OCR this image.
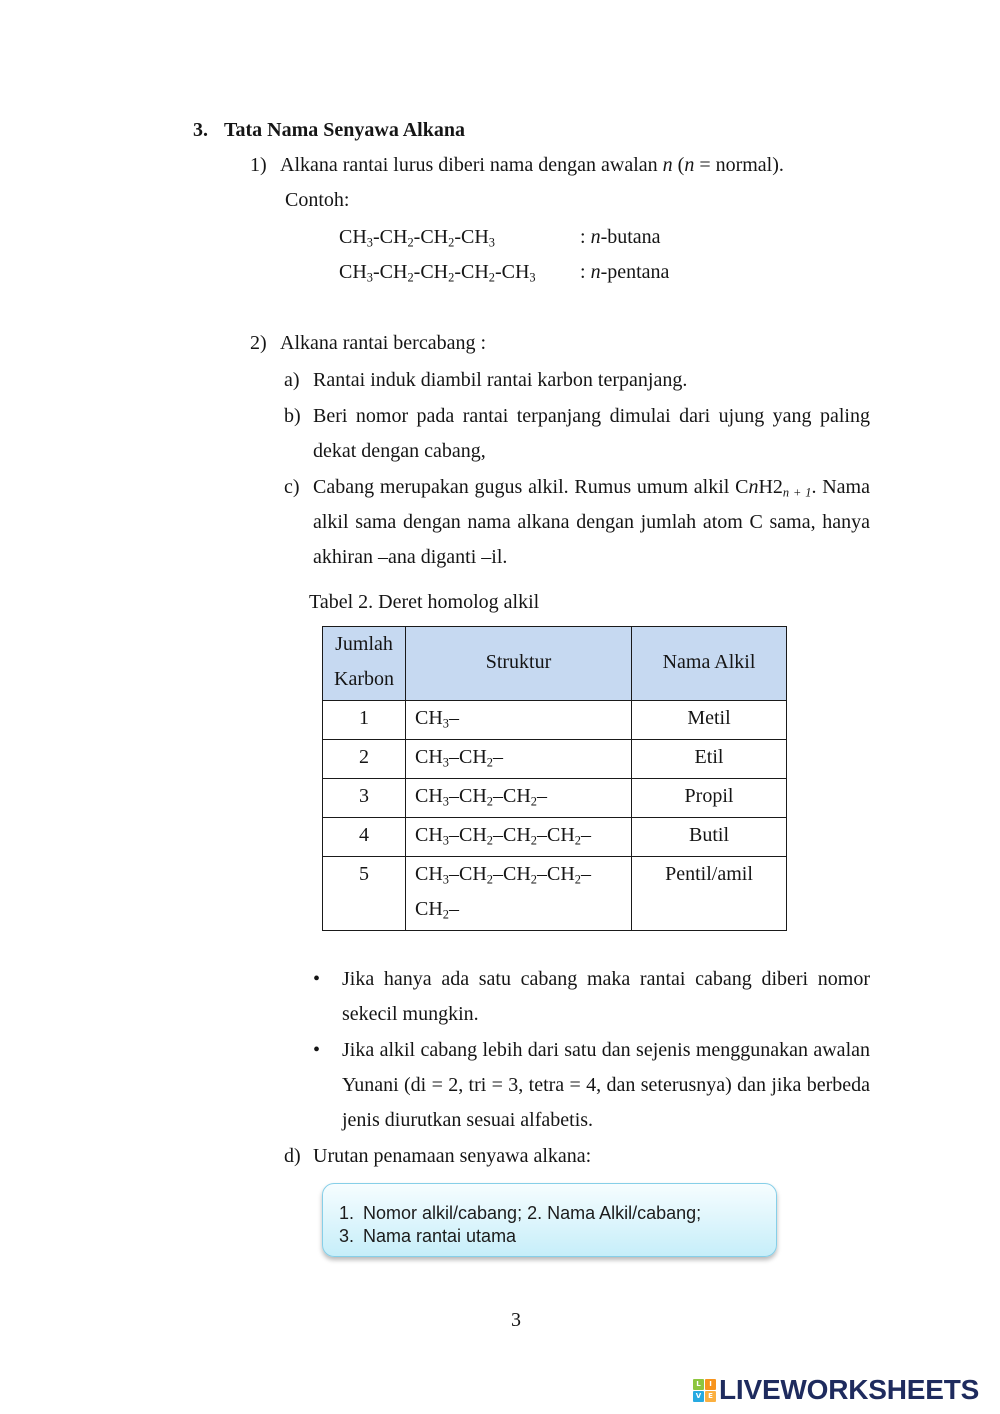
3. Tata Nama Senyawa Alkana
1) Alkana rantai lurus diberi nama dengan awalan n (n = normal).
Contoh:
$CH_3-CH_2-CH_2-CH_3$	: n-butana
$CH_3-CH_2-CH_2-CH_2-CH_3$ : n-pentana
2) Alkana rantai bercabang :
a) Rantai induk diambil rantai karbon terpanjang.
b) Beri nomor pada rantai terpanjang dimulai dari ujung yang paling
dekat dengan cabang,
c) Cabang merupakan gugus alkil. Rumus umum alkil $CnH2_{n + 1}$. Nama
alkil sama dengan nama alkana dengan jumlah atom C sama, hanya
akhiran –ana diganti –il.
Tabel 2. Deret homolog alkil
Jumlah Karbon	Struktur	Nama Alkil
1	$CH_3-$	Metil
2	$CH_3-CH_2-$	Etil
3	$CH_3-CH_2-CH_2-$	Propil
4	$CH_3-CH_2-CH_2-CH_2-$	Butil
5	$CH_3-CH_2-CH_2-CH_2-CH_2-$	Pentil/amil
•
Jika hanya ada satu cabang maka rantai cabang diberi nomor
sekecil mungkin.
•
Jika alkil cabang lebih dari satu dan sejenis menggunakan awalan
Yunani (di = 2, tri = 3, tetra = 4, dan seterusnya) dan jika berbeda
jenis diurutkan sesuai alfabetis.
d) Urutan penamaan senyawa alkana:
1. Nomor alkil/cabang; 2. Nama Alkil/cabang;
3. Nama rantai utama
3
L	I
V E LIVEWORKSHEETS
